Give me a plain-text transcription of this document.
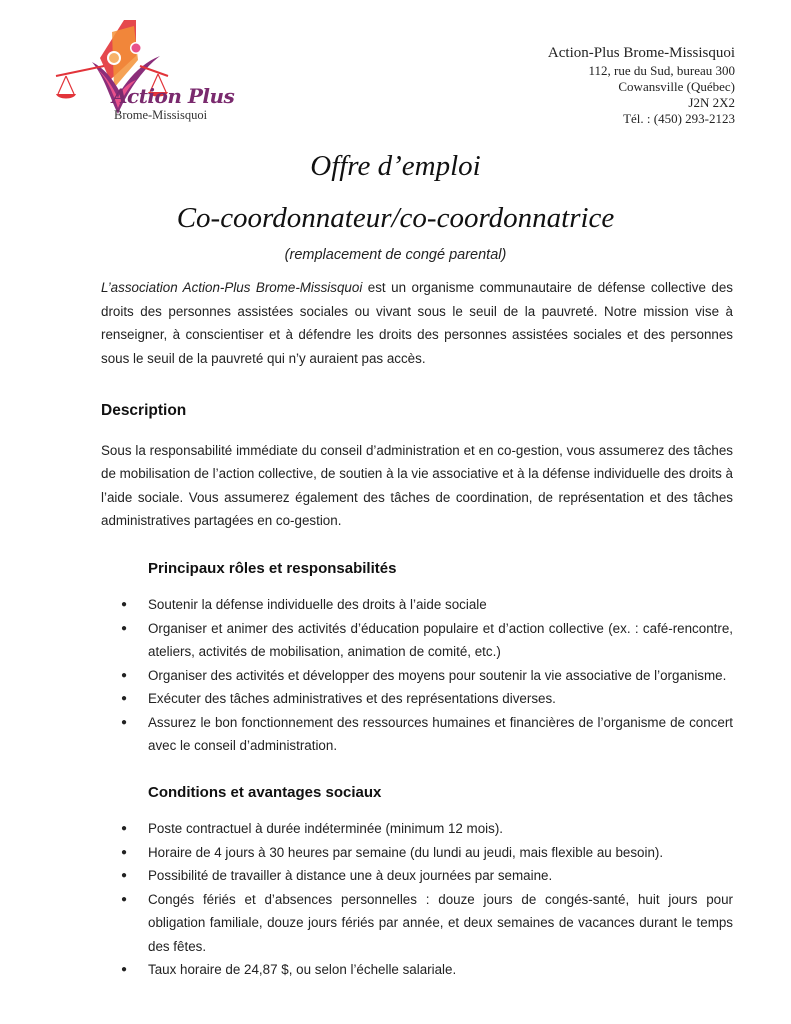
Action Plus
Brome-Missisquoi
Action-Plus Brome-Missisquoi
112, rue du Sud, bureau 300
Cowansville (Québec)
J2N 2X2
Tél. : (450) 293-2123
Offre d’emploi
Co-coordonnateur/co-coordonnatrice
(remplacement de congé parental)

L’association Action-Plus Brome-Missisquoi est un organisme communautaire de défense collective des droits des personnes assistées sociales ou vivant sous le seuil de la pauvreté. Notre mission vise à renseigner, à conscientiser et à défendre les droits des personnes assistées sociales et des personnes sous le seuil de la pauvreté qui n’y auraient pas accès.

Description

Sous la responsabilité immédiate du conseil d’administration et en co-gestion, vous assumerez des tâches de mobilisation de l’action collective, de soutien à la vie associative et à la défense individuelle des droits à l’aide sociale. Vous assumerez également des tâches de coordination, de représentation et des tâches administratives partagées en co-gestion.

Principaux rôles et responsabilités
● Soutenir la défense individuelle des droits à l’aide sociale
● Organiser et animer des activités d’éducation populaire et d’action collective (ex. : café-rencontre, ateliers, activités de mobilisation, animation de comité, etc.)
● Organiser des activités et développer des moyens pour soutenir la vie associative de l’organisme.
● Exécuter des tâches administratives et des représentations diverses.
● Assurez le bon fonctionnement des ressources humaines et financières de l’organisme de concert avec le conseil d’administration.
Conditions et avantages sociaux
● Poste contractuel à durée indéterminée (minimum 12 mois).
● Horaire de 4 jours à 30 heures par semaine (du lundi au jeudi, mais flexible au besoin).
● Possibilité de travailler à distance une à deux journées par semaine.
● Congés fériés et d’absences personnelles : douze jours de congés-santé, huit jours pour obligation familiale, douze jours fériés par année, et deux semaines de vacances durant le temps des fêtes.
● Taux horaire de 24,87 $, ou selon l’échelle salariale.
